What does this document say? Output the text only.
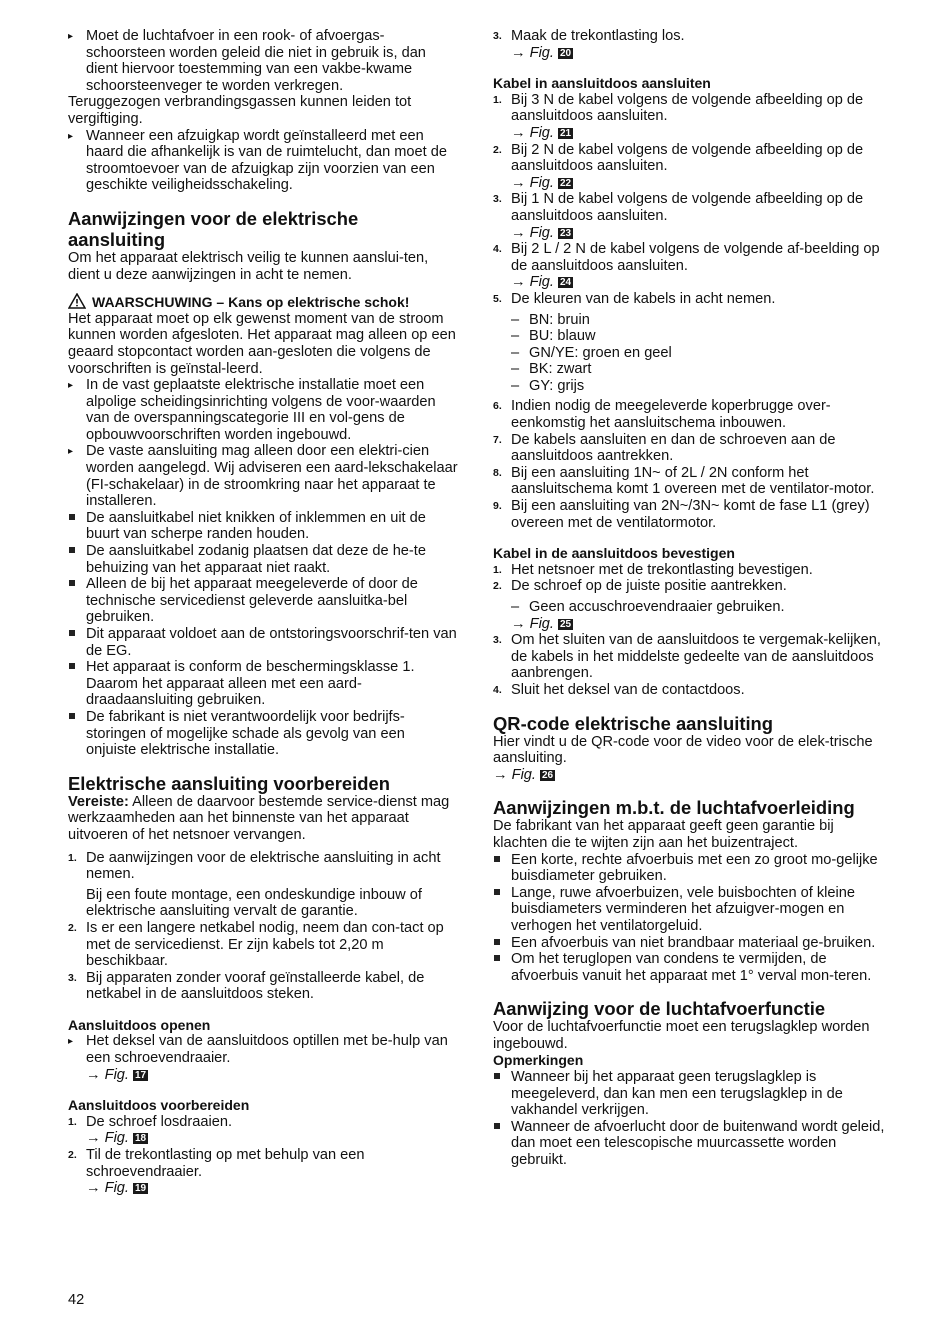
▸
Moet de luchtafvoer in een rook- of afvoergas-schoorsteen worden geleid die niet in gebruik is, dan dient hiervoor toestemming van een vakbe-kwame schoorsteenveger te worden verkregen.

Teruggezogen verbrandingsgassen kunnen leiden tot vergiftiging.

▸
Wanneer een afzuigkap wordt geïnstalleerd met een haard die afhankelijk is van de ruimtelucht, dan moet de stroomtoevoer van de afzuigkap zijn voorzien van een geschikte veiligheidsschakeling.
Aanwijzingen voor de elektrische aansluiting

Om het apparaat elektrisch veilig te kunnen aanslui-ten, dient u deze aanwijzingen in acht te nemen.

WAARSCHUWING – Kans op elektrische schok!

Het apparaat moet op elk gewenst moment van de stroom kunnen worden afgesloten. Het apparaat mag alleen op een geaard stopcontact worden aan-gesloten die volgens de voorschriften is geïnstal-leerd.

▸
In de vast geplaatste elektrische installatie moet een alpolige scheidingsinrichting volgens de voor-waarden van de overspanningscategorie III en vol-gens de opbouwvoorschriften worden ingebouwd.
▸
De vaste aansluiting mag alleen door een elektri-cien worden aangelegd. Wij adviseren een aard-lekschakelaar (FI-schakelaar) in de stroomkring naar het apparaat te installeren.
De aansluitkabel niet knikken of inklemmen en uit de buurt van scherpe randen houden.
De aansluitkabel zodanig plaatsen dat deze de he-te behuizing van het apparaat niet raakt.
Alleen de bij het apparaat meegeleverde of door de technische servicedienst geleverde aansluitka-bel gebruiken.
Dit apparaat voldoet aan de ontstoringsvoorschrif-ten van de EG.
Het apparaat is conform de beschermingsklasse 1. Daarom het apparaat alleen met een aard-draadaansluiting gebruiken.
De fabrikant is niet verantwoordelijk voor bedrijfs-storingen of mogelijke schade als gevolg van een onjuiste elektrische installatie.
Elektrische aansluiting voorbereiden

Vereiste: Alleen de daarvoor bestemde service-dienst mag werkzaamheden aan het binnenste van het apparaat uitvoeren of het netsnoer vervangen.

1. De aanwijzingen voor de elektrische aansluiting in acht nemen.
Bij een foute montage, een ondeskundige inbouw of elektrische aansluiting vervalt de garantie.
2. Is er een langere netkabel nodig, neem dan con-tact op met de servicedienst. Er zijn kabels tot 2,20 m beschikbaar.
3. Bij apparaten zonder vooraf geïnstalleerde kabel, de netkabel in de aansluitdoos steken.
Aansluitdoos openen
▸
Het deksel van de aansluitdoos optillen met be-hulp van een schroevendraaier.
→ Fig. 17
Aansluitdoos voorbereiden
1. De schroef losdraaien.
→ Fig. 18
2. Til de trekontlasting op met behulp van een schroevendraaier.
→ Fig. 19
3. Maak de trekontlasting los.
→ Fig. 20
Kabel in aansluitdoos aansluiten
1. Bij 3 N de kabel volgens de volgende afbeelding op de aansluitdoos aansluiten.
→ Fig. 21
2. Bij 2 N de kabel volgens de volgende afbeelding op de aansluitdoos aansluiten.
→ Fig. 22
3. Bij 1 N de kabel volgens de volgende afbeelding op de aansluitdoos aansluiten.
→ Fig. 23
4. Bij 2 L / 2 N de kabel volgens de volgende af-beelding op de aansluitdoos aansluiten.
→ Fig. 24
5. De kleuren van de kabels in acht nemen.
– BN: bruin
– BU: blauw
– GN/YE: groen en geel
– BK: zwart
– GY: grijs
6. Indien nodig de meegeleverde koperbrugge over-eenkomstig het aansluitschema inbouwen.
7. De kabels aansluiten en dan de schroeven aan de aansluitdoos aantrekken.
8. Bij een aansluiting 1N~ of 2L / 2N conform het aansluitschema komt 1 overeen met de ventilator-motor.
9. Bij een aansluiting van 2N~/3N~ komt de fase L1 (grey) overeen met de ventilatormotor.
Kabel in de aansluitdoos bevestigen
1. Het netsnoer met de trekontlasting bevestigen.
2. De schroef op de juiste positie aantrekken.
– Geen accuschroevendraaier gebruiken.
→ Fig. 25
3. Om het sluiten van de aansluitdoos te vergemak-kelijken, de kabels in het middelste gedeelte van de aansluitdoos aanbrengen.
4. Sluit het deksel van de contactdoos.
QR-code elektrische aansluiting

Hier vindt u de QR-code voor de video voor de elek-trische aansluiting.

→ Fig. 26
Aanwijzingen m.b.t. de luchtafvoerleiding

De fabrikant van het apparaat geeft geen garantie bij klachten die te wijten zijn aan het buizentraject.

Een korte, rechte afvoerbuis met een zo groot mo-gelijke buisdiameter gebruiken.
Lange, ruwe afvoerbuizen, vele buisbochten of kleine buisdiameters verminderen het afzuigver-mogen en verhogen het ventilatorgeluid.
Een afvoerbuis van niet brandbaar materiaal ge-bruiken.
Om het teruglopen van condens te vermijden, de afvoerbuis vanuit het apparaat met 1° verval mon-teren.
Aanwijzing voor de luchtafvoerfunctie

Voor de luchtafvoerfunctie moet een terugslagklep worden ingebouwd.

Opmerkingen
Wanneer bij het apparaat geen terugslagklep is meegeleverd, dan kan men een terugslagklep in de vakhandel verkrijgen.
Wanneer de afvoerlucht door de buitenwand wordt geleid, dan moet een telescopische muurcassette worden gebruikt.
42
